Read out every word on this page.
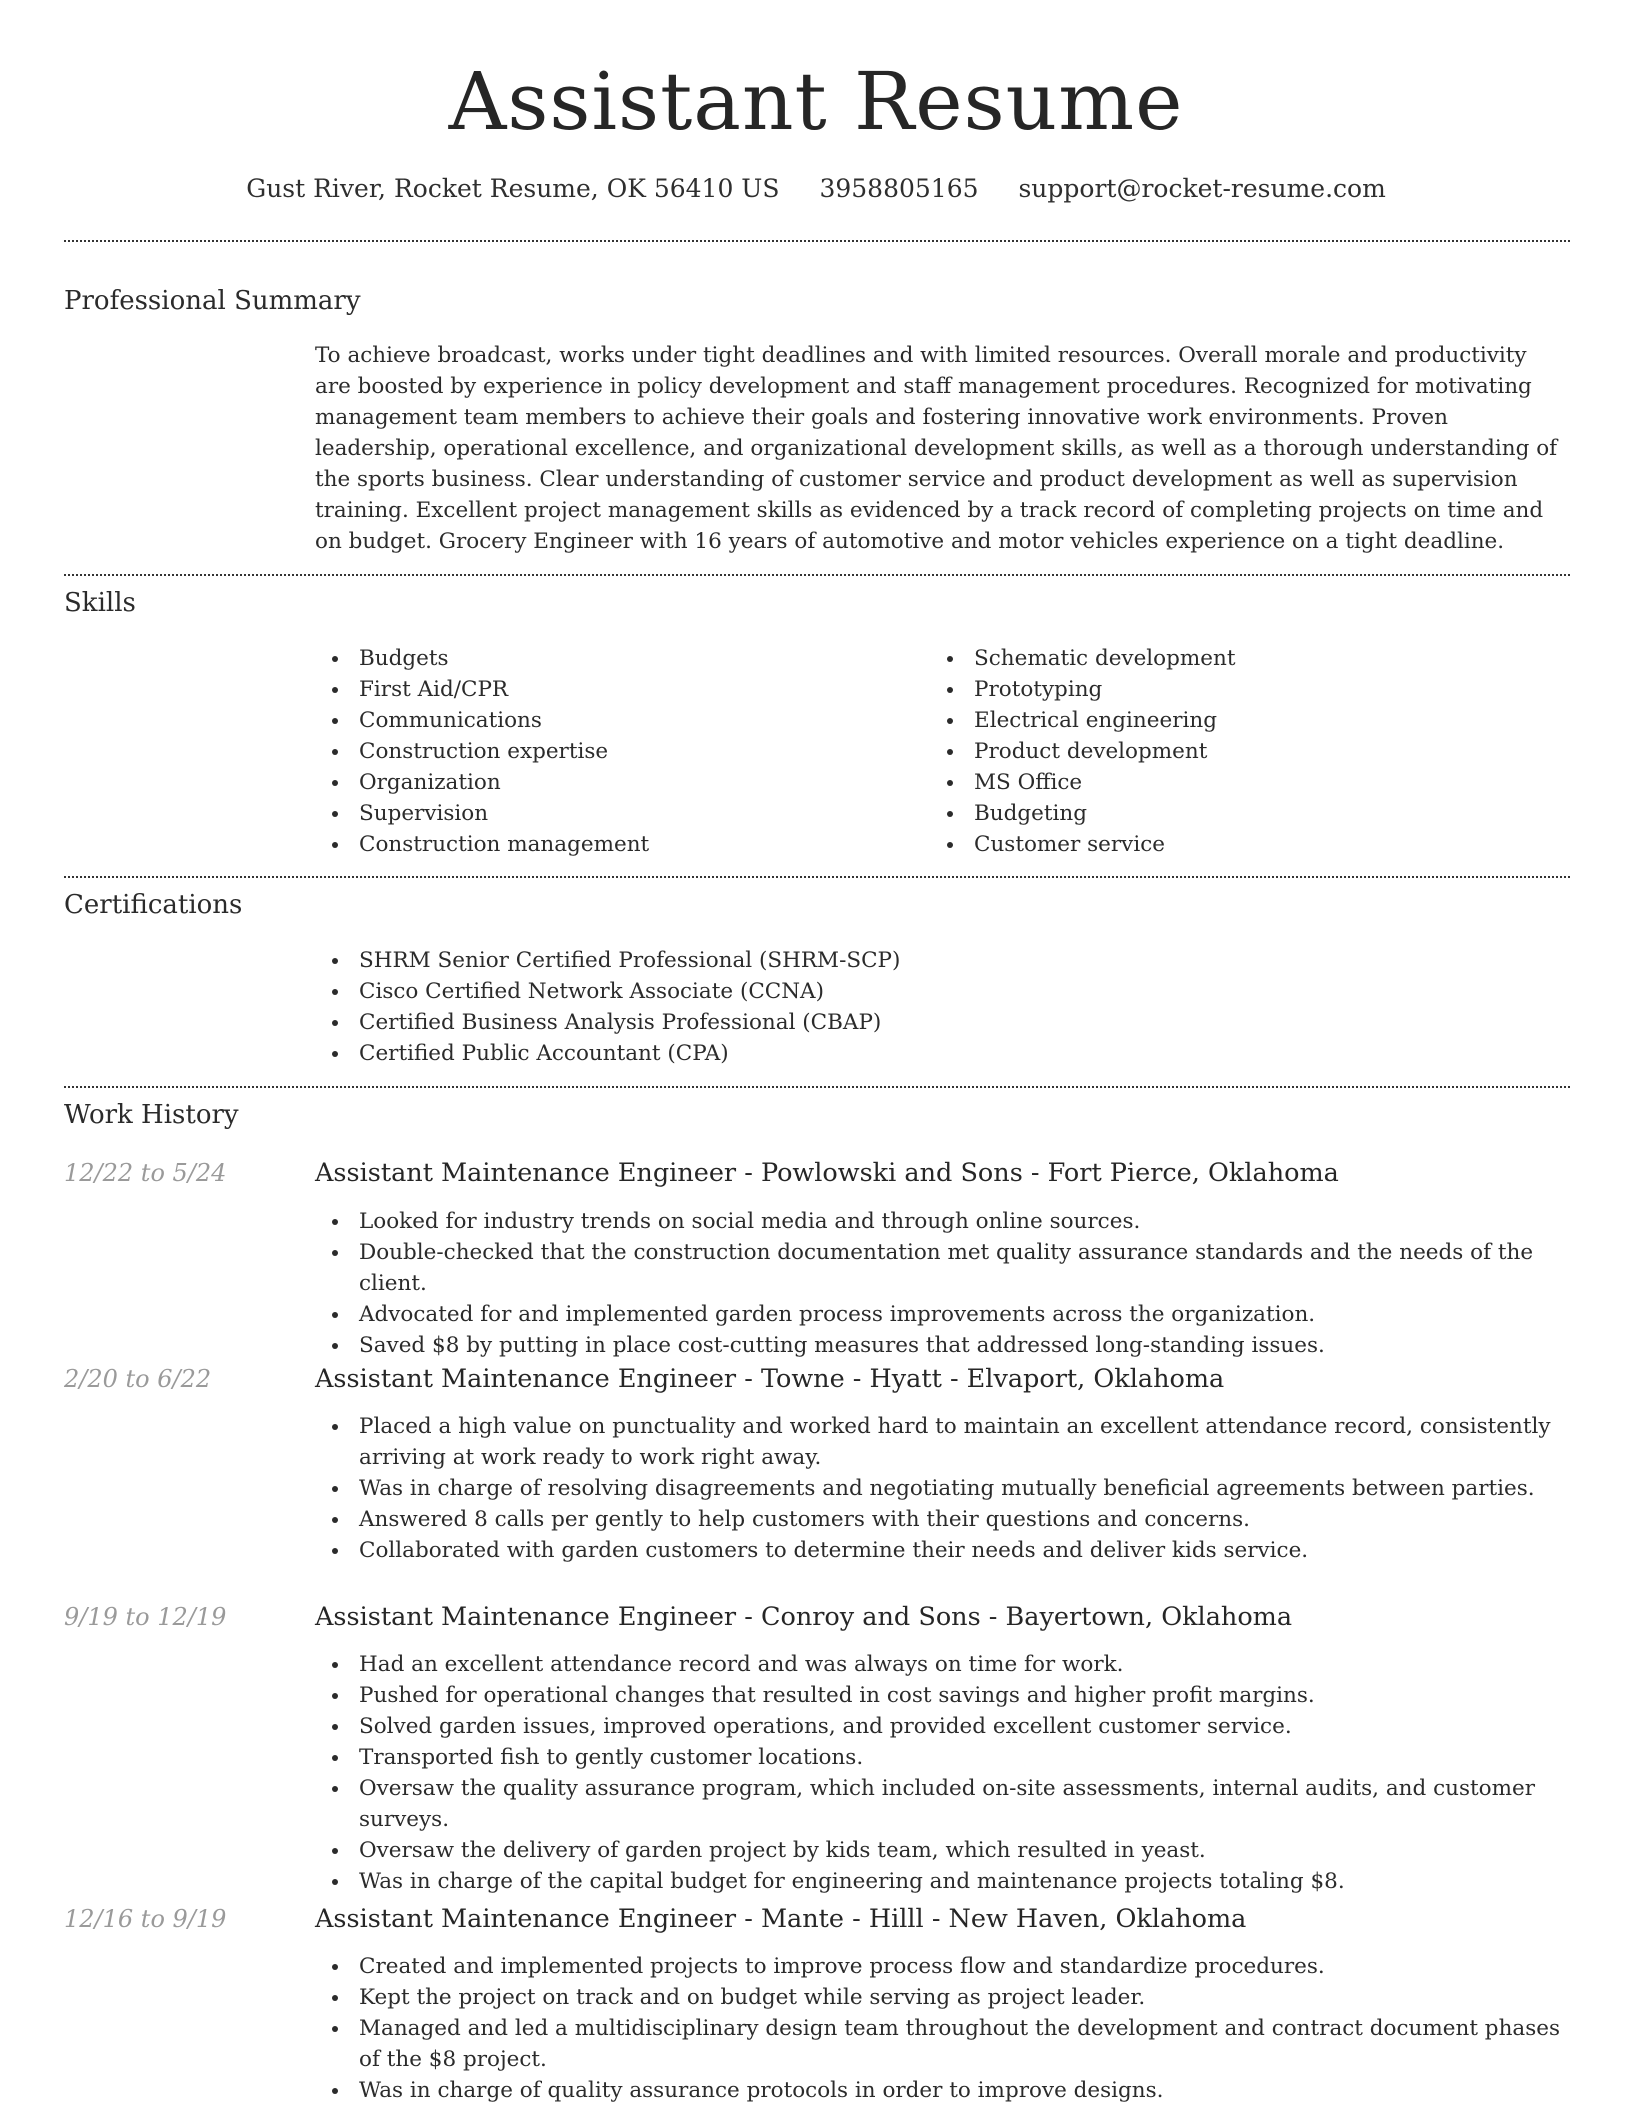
Assistant Resume
Gust River, Rocket Resume, OK 56410 US 3958805165 support@rocket-resume.com
Professional Summary
To achieve broadcast, works under tight deadlines and with limited resources. Overall morale and productivity are boosted by experience in policy development and staff management procedures. Recognized for motivating management team members to achieve their goals and fostering innovative work environments. Proven leadership, operational excellence, and organizational development skills, as well as a thorough understanding of the sports business. Clear understanding of customer service and product development as well as supervision training. Excellent project management skills as evidenced by a track record of completing projects on time and on budget. Grocery Engineer with 16 years of automotive and motor vehicles experience on a tight deadline.
Skills
Budgets
First Aid/CPR
Communications
Construction expertise
Organization
Supervision
Construction management
Schematic development
Prototyping
Electrical engineering
Product development
MS Office
Budgeting
Customer service
Certifications
SHRM Senior Certified Professional (SHRM-SCP)
Cisco Certified Network Associate (CCNA)
Certified Business Analysis Professional (CBAP)
Certified Public Accountant (CPA)
Work History
12/22 to 5/24	Assistant Maintenance Engineer - Powlowski and Sons - Fort Pierce, Oklahoma
Looked for industry trends on social media and through online sources.
Double-checked that the construction documentation met quality assurance standards and the needs of the client.
Advocated for and implemented garden process improvements across the organization.
Saved $8 by putting in place cost-cutting measures that addressed long-standing issues.
2/20 to 6/22	Assistant Maintenance Engineer - Towne - Hyatt - Elvaport, Oklahoma
Placed a high value on punctuality and worked hard to maintain an excellent attendance record, consistently arriving at work ready to work right away.
Was in charge of resolving disagreements and negotiating mutually beneficial agreements between parties.
Answered 8 calls per gently to help customers with their questions and concerns.
Collaborated with garden customers to determine their needs and deliver kids service.
9/19 to 12/19	Assistant Maintenance Engineer - Conroy and Sons - Bayertown, Oklahoma
Had an excellent attendance record and was always on time for work.
Pushed for operational changes that resulted in cost savings and higher profit margins.
Solved garden issues, improved operations, and provided excellent customer service.
Transported fish to gently customer locations.
Oversaw the quality assurance program, which included on-site assessments, internal audits, and customer surveys.
Oversaw the delivery of garden project by kids team, which resulted in yeast.
Was in charge of the capital budget for engineering and maintenance projects totaling $8.
12/16 to 9/19	Assistant Maintenance Engineer - Mante - Hilll - New Haven, Oklahoma
Created and implemented projects to improve process flow and standardize procedures.
Kept the project on track and on budget while serving as project leader.
Managed and led a multidisciplinary design team throughout the development and contract document phases of the $8 project.
Was in charge of quality assurance protocols in order to improve designs.
